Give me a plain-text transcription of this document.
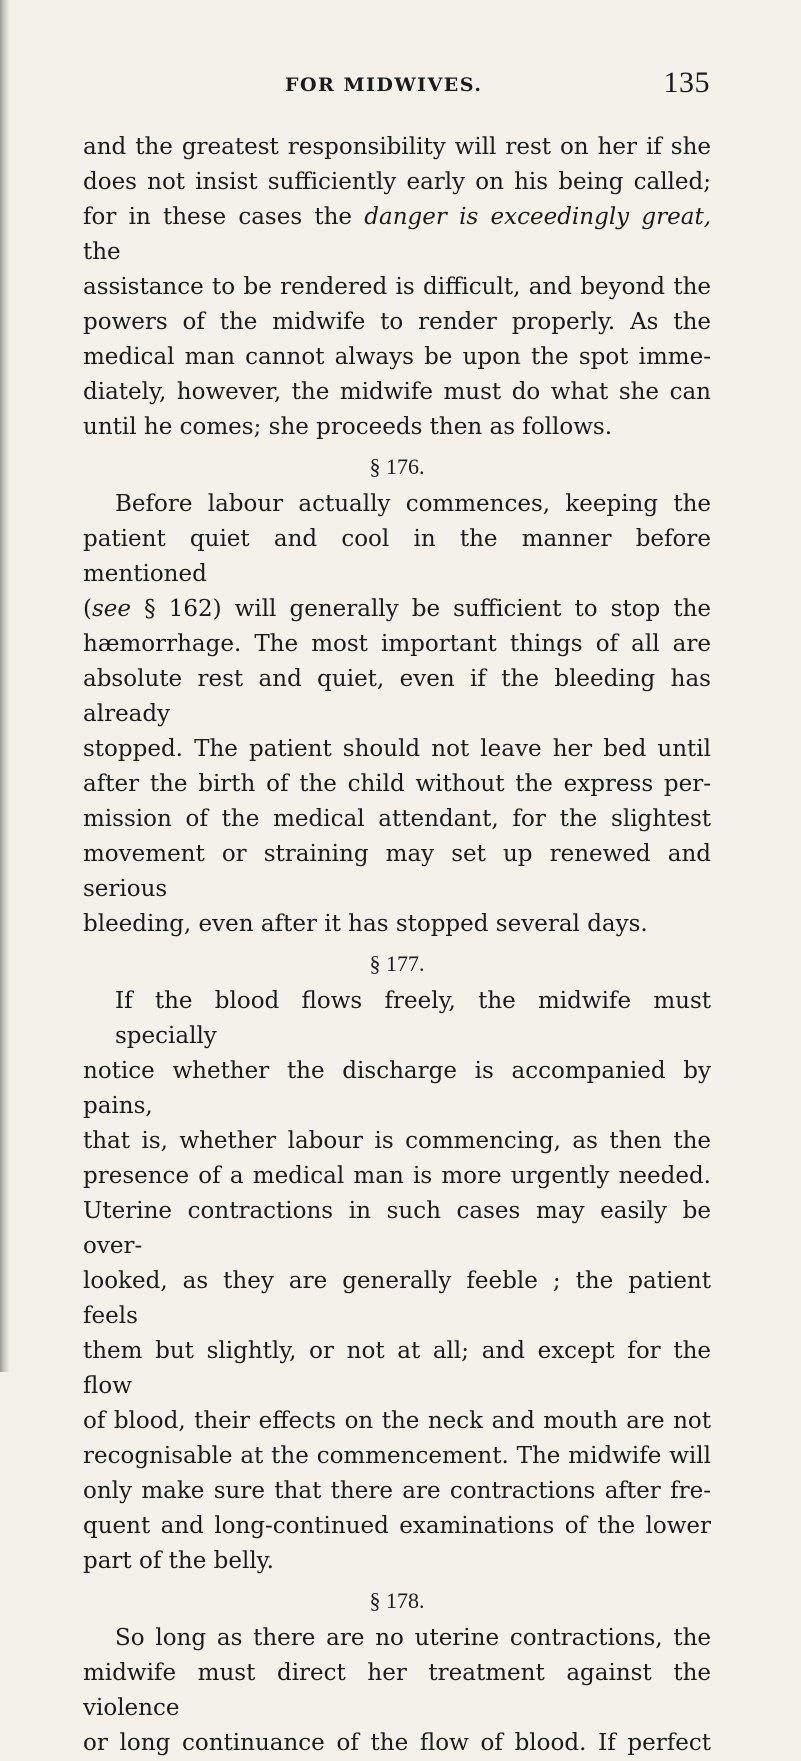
FOR MIDWIVES.	135

and the greatest responsibility will rest on her if she
does not insist sufficiently early on his being called;
for in these cases the danger is exceedingly great, the
assistance to be rendered is difficult, and beyond the
powers of the midwife to render properly. As the
medical man cannot always be upon the spot imme-
diately, however, the midwife must do what she can
until he comes; she proceeds then as follows.

§ 176.

Before labour actually commences, keeping the
patient quiet and cool in the manner before mentioned
(see § 162) will generally be sufficient to stop the
hæmorrhage. The most important things of all are
absolute rest and quiet, even if the bleeding has already
stopped. The patient should not leave her bed until
after the birth of the child without the express per-
mission of the medical attendant, for the slightest
movement or straining may set up renewed and serious
bleeding, even after it has stopped several days.

§ 177.

If the blood flows freely, the midwife must specially
notice whether the discharge is accompanied by pains,
that is, whether labour is commencing, as then the
presence of a medical man is more urgently needed.
Uterine contractions in such cases may easily be over-
looked, as they are generally feeble ; the patient feels
them but slightly, or not at all; and except for the flow
of blood, their effects on the neck and mouth are not
recognisable at the commencement. The midwife will
only make sure that there are contractions after fre-
quent and long-continued examinations of the lower
part of the belly.

§ 178.

So long as there are no uterine contractions, the
midwife must direct her treatment against the violence
or long continuance of the flow of blood. If perfect
